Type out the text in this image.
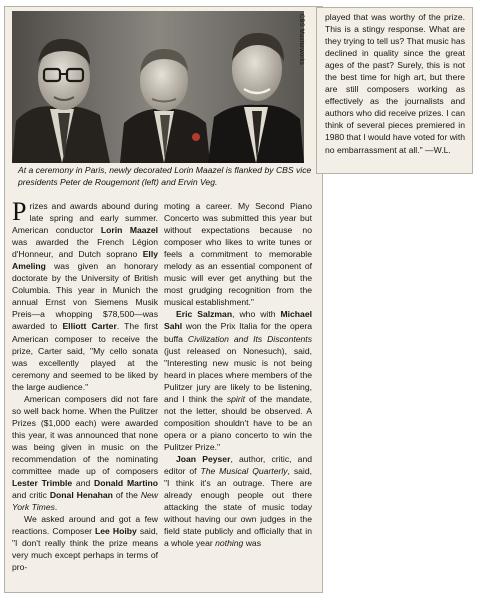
CBS Masterworks

At a ceremony in Paris, newly decorated Lorin Maazel is flanked by CBS vice presidents Peter de Rougemont (left) and Ervin Veg.

Prizes and awards abound during late spring and early summer. American conductor Lorin Maazel was awarded the French Légion d'Honneur, and Dutch soprano Elly Ameling was given an honorary doctorate by the University of British Columbia. This year in Munich the annual Ernst von Siemens Musik Preis—a whopping $78,500—was awarded to Elliott Carter. The first American composer to receive the prize, Carter said, "My cello sonata was excellently played at the ceremony and seemed to be liked by the large audience."

American composers did not fare so well back home. When the Pulitzer Prizes ($1,000 each) were awarded this year, it was announced that none was being given in music on the recommendation of the nominating committee made up of composers Lester Trimble and Donald Martino and critic Donal Henahan of the New York Times.

We asked around and got a few reactions. Composer Lee Hoiby said, "I don't really think the prize means very much except perhaps in terms of pro-

moting a career. My Second Piano Concerto was submitted this year but without expectations because no composer who likes to write tunes or feels a commitment to memorable melody as an essential component of music will ever get anything but the most grudging recognition from the musical establishment."

Eric Salzman, who with Michael Sahl won the Prix Italia for the opera buffa Civilization and Its Discontents (just released on Nonesuch), said, "Interesting new music is not being heard in places where members of the Pulitzer jury are likely to be listening, and I think the spirit of the mandate, not the letter, should be observed. A composition shouldn't have to be an opera or a piano concerto to win the Pulitzer Prize."

Joan Peyser, author, critic, and editor of The Musical Quarterly, said, "I think it's an outrage. There are already enough people out there attacking the state of music today without having our own judges in the field state publicly and officially that in a whole year nothing was

played that was worthy of the prize. This is a stingy response. What are they trying to tell us? That music has declined in quality since the great ages of the past? Surely, this is not the best time for high art, but there are still composers working as effectively as the journalists and authors who did receive prizes. I can think of several pieces premiered in 1980 that I would have voted for with no embarrassment at all." —W.L.
